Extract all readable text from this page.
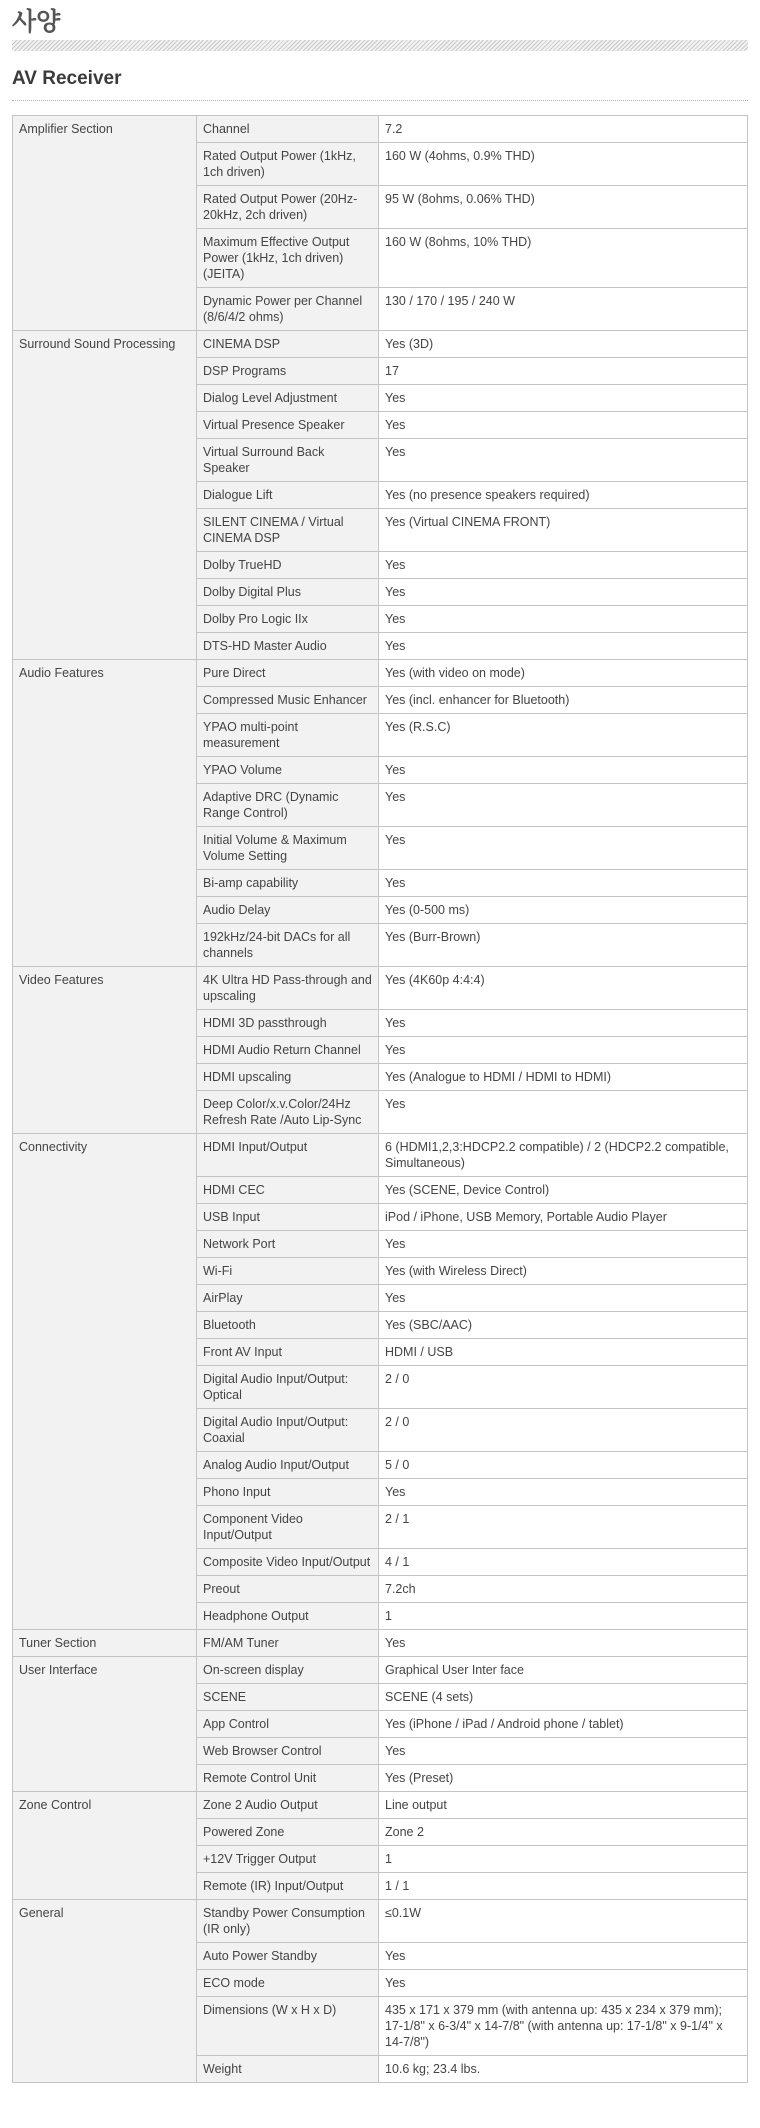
사양
AV Receiver
Amplifier Section	Channel	7.2
	Rated Output Power (1kHz, 1ch driven)	160 W (4ohms, 0.9% THD)
	Rated Output Power (20Hz-20kHz, 2ch driven)	95 W (8ohms, 0.06% THD)
	Maximum Effective Output Power (1kHz, 1ch driven) (JEITA)	160 W (8ohms, 10% THD)
	Dynamic Power per Channel (8/6/4/2 ohms)	130 / 170 / 195 / 240 W
Surround Sound Processing	CINEMA DSP	Yes (3D)
	DSP Programs	17
	Dialog Level Adjustment	Yes
	Virtual Presence Speaker	Yes
	Virtual Surround Back Speaker	Yes
	Dialogue Lift	Yes (no presence speakers required)
	SILENT CINEMA / Virtual CINEMA DSP	Yes (Virtual CINEMA FRONT)
	Dolby TrueHD	Yes
	Dolby Digital Plus	Yes
	Dolby Pro Logic IIx	Yes
	DTS-HD Master Audio	Yes
Audio Features	Pure Direct	Yes (with video on mode)
	Compressed Music Enhancer	Yes (incl. enhancer for Bluetooth)
	YPAO multi-point measurement	Yes (R.S.C)
	YPAO Volume	Yes
	Adaptive DRC (Dynamic Range Control)	Yes
	Initial Volume & Maximum Volume Setting	Yes
	Bi-amp capability	Yes
	Audio Delay	Yes (0-500 ms)
	192kHz/24-bit DACs for all channels	Yes (Burr-Brown)
Video Features	4K Ultra HD Pass-through and upscaling	Yes (4K60p 4:4:4)
	HDMI 3D passthrough	Yes
	HDMI Audio Return Channel	Yes
	HDMI upscaling	Yes (Analogue to HDMI / HDMI to HDMI)
	Deep Color/x.v.Color/24Hz Refresh Rate /Auto Lip-Sync	Yes
Connectivity	HDMI Input/Output	6 (HDMI1,2,3:HDCP2.2 compatible) / 2 (HDCP2.2 compatible, Simultaneous)
	HDMI CEC	Yes (SCENE, Device Control)
	USB Input	iPod / iPhone, USB Memory, Portable Audio Player
	Network Port	Yes
	Wi-Fi	Yes (with Wireless Direct)
	AirPlay	Yes
	Bluetooth	Yes (SBC/AAC)
	Front AV Input	HDMI / USB
	Digital Audio Input/Output: Optical	2 / 0
	Digital Audio Input/Output: Coaxial	2 / 0
	Analog Audio Input/Output	5 / 0
	Phono Input	Yes
	Component Video Input/Output	2 / 1
	Composite Video Input/Output	4 / 1
	Preout	7.2ch
	Headphone Output	1
Tuner Section	FM/AM Tuner	Yes
User Interface	On-screen display	Graphical User Inter face
	SCENE	SCENE (4 sets)
	App Control	Yes (iPhone / iPad / Android phone / tablet)
	Web Browser Control	Yes
	Remote Control Unit	Yes (Preset)
Zone Control	Zone 2 Audio Output	Line output
	Powered Zone	Zone 2
	+12V Trigger Output	1
	Remote (IR) Input/Output	1 / 1
General	Standby Power Consumption (IR only)	≤0.1W
	Auto Power Standby	Yes
	ECO mode	Yes
	Dimensions (W x H x D)	435 x 171 x 379 mm (with antenna up: 435 x 234 x 379 mm); 17-1/8" x 6-3/4" x 14-7/8" (with antenna up: 17-1/8" x 9-1/4" x 14-7/8")
	Weight	10.6 kg; 23.4 lbs.
